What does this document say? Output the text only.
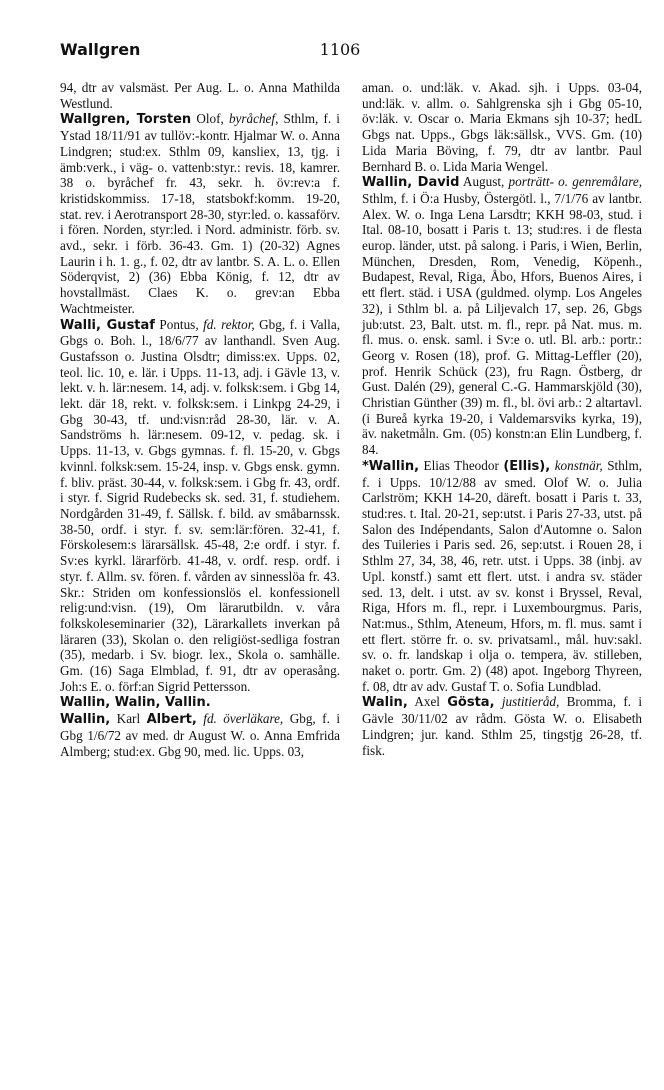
Wallgren	1106

94, dtr av valsmäst. Per Aug. L. o. Anna Mathilda Westlund.

Wallgren, Torsten Olof, byråchef, Sthlm, f. i Ystad 18/11/91 av tullöv:-kontr. Hjalmar W. o. Anna Lindgren; stud:ex. Sthlm 09, kansliex, 13, tjg. i ämb:verk., i väg- o. vattenb:styr.: revis. 18, kamrer. 38 o. byråchef fr. 43, sekr. h. öv:rev:a f. kristidskommiss. 17-18, statsbokf:komm. 19-20, stat. rev. i Aerotransport 28-30, styr:led. o. kassaförv. i fören. Norden, styr:led. i Nord. administr. förb. sv. avd., sekr. i förb. 36-43. Gm. 1) (20-32) Agnes Laurin i h. 1. g., f. 02, dtr av lantbr. S. A. L. o. Ellen Söderqvist, 2) (36) Ebba König, f. 12, dtr av hovstallmäst. Claes K. o. grev:an Ebba Wachtmeister.

Walli, Gustaf Pontus, fd. rektor, Gbg, f. i Valla, Gbgs o. Boh. l., 18/6/77 av lanthandl. Sven Aug. Gustafsson o. Justina Olsdtr; dimiss:ex. Upps. 02, teol. lic. 10, e. lär. i Upps. 11-13, adj. i Gävle 13, v. lekt. v. h. lär:nesem. 14, adj. v. folksk:sem. i Gbg 14, lekt. där 18, rekt. v. folksk:sem. i Linkpg 24-29, i Gbg 30-43, tf. und:visn:råd 28-30, lär. v. A. Sandströms h. lär:nesem. 09-12, v. pedag. sk. i Upps. 11-13, v. Gbgs gymnas. f. fl. 15-20, v. Gbgs kvinnl. folksk:sem. 15-24, insp. v. Gbgs ensk. gymn. f. bliv. präst. 30-44, v. folksk:sem. i Gbg fr. 43, ordf. i styr. f. Sigrid Rudebecks sk. sed. 31, f. studiehem. Nordgården 31-49, f. Sällsk. f. bild. av småbarnssk. 38-50, ordf. i styr. f. sv. sem:lär:fören. 32-41, f. Förskolesem:s lärarsällsk. 45-48, 2:e ordf. i styr. f. Sv:es kyrkl. lärarförb. 41-48, v. ordf. resp. ordf. i styr. f. Allm. sv. fören. f. vården av sinnesslöa fr. 43. Skr.: Striden om konfessionslös el. konfessionell relig:und:visn. (19), Om lärarutbildn. v. våra folkskoleseminarier (32), Lärarkallets inverkan på läraren (33), Skolan o. den religiöst-sedliga fostran (35), medarb. i Sv. biogr. lex., Skola o. samhälle. Gm. (16) Saga Elmblad, f. 91, dtr av operasång. Joh:s E. o. förf:an Sigrid Pettersson.

Wallin, Walin, Vallin.

Wallin, Karl Albert, fd. överläkare, Gbg, f. i Gbg 1/6/72 av med. dr August W. o. Anna Emfrida Almberg; stud:ex. Gbg 90, med. lic. Upps. 03,

aman. o. und:läk. v. Akad. sjh. i Upps. 03-04, und:läk. v. allm. o. Sahlgrenska sjh i Gbg 05-10, öv:läk. v. Oscar o. Maria Ekmans sjh 10-37; hedL Gbgs nat. Upps., Gbgs läk:sällsk., VVS. Gm. (10) Lida Maria Böving, f. 79, dtr av lantbr. Paul Bernhard B. o. Lida Maria Wengel.

Wallin, David August, porträtt- o. genremålare, Sthlm, f. i Ö:a Husby, Östergötl. l., 7/1/76 av lantbr. Alex. W. o. Inga Lena Larsdtr; KKH 98-03, stud. i Ital. 08-10, bosatt i Paris t. 13; stud:res. i de flesta europ. länder, utst. på salong. i Paris, i Wien, Berlin, München, Dresden, Rom, Venedig, Köpenh., Budapest, Reval, Riga, Åbo, Hfors, Buenos Aires, i ett flert. städ. i USA (guldmed. olymp. Los Angeles 32), i Sthlm bl. a. på Liljevalch 17, sep. 26, Gbgs jub:utst. 23, Balt. utst. m. fl., repr. på Nat. mus. m. fl. mus. o. ensk. saml. i Sv:e o. utl. Bl. arb.: portr.: Georg v. Rosen (18), prof. G. Mittag-Leffler (20), prof. Henrik Schück (23), fru Ragn. Östberg, dr Gust. Dalén (29), general C.-G. Hammarskjöld (30), Christian Günther (39) m. fl., bl. övi arb.: 2 altartavl. (i Bureå kyrka 19-20, i Valdemarsviks kyrka, 19), äv. naketmåln. Gm. (05) konstn:an Elin Lundberg, f. 84.

*Wallin, Elias Theodor (Ellis), konstnär, Sthlm, f. i Upps. 10/12/88 av smed. Olof W. o. Julia Carlström; KKH 14-20, däreft. bosatt i Paris t. 33, stud:res. t. Ital. 20-21, sep:utst. i Paris 27-33, utst. på Salon des Indépendants, Salon d'Automne o. Salon des Tuileries i Paris sed. 26, sep:utst. i Rouen 28, i Sthlm 27, 34, 38, 46, retr. utst. i Upps. 38 (inbj. av Upl. konstf.) samt ett flert. utst. i andra sv. städer sed. 13, delt. i utst. av sv. konst i Bryssel, Reval, Riga, Hfors m. fl., repr. i Luxembourgmus. Paris, Nat:mus., Sthlm, Ateneum, Hfors, m. fl. mus. samt i ett flert. större fr. o. sv. privatsaml., mål. huv:sakl. sv. o. fr. landskap i olja o. tempera, äv. stilleben, naket o. portr. Gm. 2) (48) apot. Ingeborg Thyreen, f. 08, dtr av adv. Gustaf T. o. Sofia Lundblad.

Walin, Axel Gösta, justitieråd, Bromma, f. i Gävle 30/11/02 av rådm. Gösta W. o. Elisabeth Lindgren; jur. kand. Sthlm 25, tingstjg 26-28, tf. fisk.
